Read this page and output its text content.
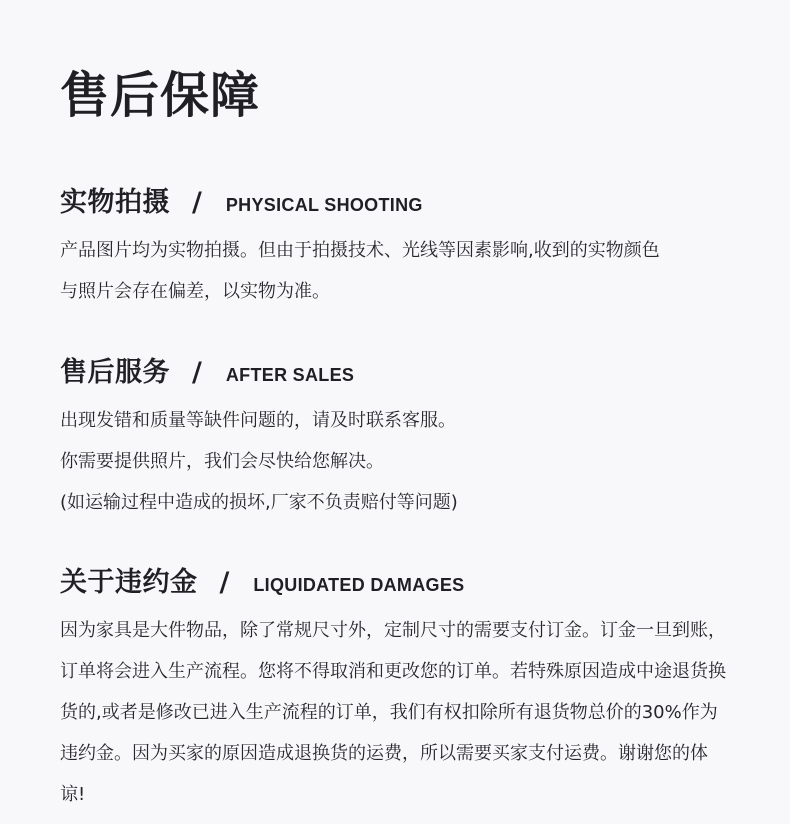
售后保障
实物拍摄 / PHYSICAL SHOOTING

产品图片均为实物拍摄。但由于拍摄技术、光线等因素影响,收到的实物颜色

与照片会存在偏差，以实物为准。

售后服务 / AFTER SALES

出现发错和质量等缺件问题的，请及时联系客服。

你需要提供照片，我们会尽快给您解决。

(如运输过程中造成的损坏,厂家不负责赔付等问题)

关于违约金 / LIQUIDATED DAMAGES
因为家具是大件物品，除了常规尺寸外，定制尺寸的需要支付订金。订金一旦到账，订单将会进入生产流程。您将不得取消和更改您的订单。若特殊原因造成中途退货换货的,或者是修改已进入生产流程的订单，我们有权扣除所有退货物总价的30%作为违约金。因为买家的原因造成退换货的运费，所以需要买家支付运费。谢谢您的体谅!
